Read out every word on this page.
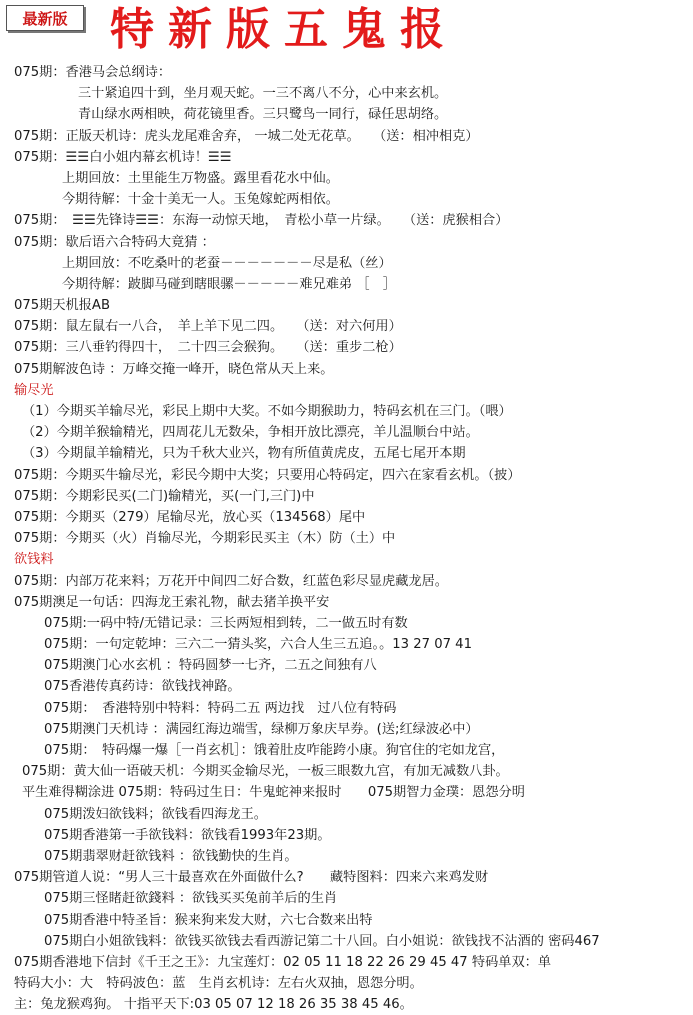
最新版 特新版五鬼报
075期：香港马会总纲诗：
三十紧追四十到，坐月观天蛇。一三不离八不分，心中来玄机。
青山绿水两相映，荷花镜里香。三只鹭鸟一同行，碌任思胡络。
075期：正版天机诗：虎头龙尾难舍弃， 一城二处无花草。　　（送：相冲相克）
075期：☰☰白小姐内幕玄机诗！☰☰
上期回放：土里能生万物盛。露里看花水中仙。
今期待解：十金十美无一人。玉兔嫁蛇两相依。
075期：　☰☰先锋诗☰☰：东海一动惊天地，　青松小草一片绿。　　（送：虎猴相合）
075期：歇后语六合特码大竟猜 ：
上期回放：不吃桑叶的老蚕－－－－－－－尽是私（丝）
今期待解：跛脚马碰到瞎眼骡－－－－－难兄难弟 ［　］
075期天机报AB
075期：鼠左鼠右一八合，　羊上羊下见二四。　　（送：对六何用）
075期：三八垂钓得四十，　二十四三会猴狗。　　（送：重步二枪）
075期解波色诗 ：万峰交掩一峰开，晓色常从天上来。
输尽光
（1）今期买羊输尽光，彩民上期中大奖。不如今期猴助力，特码玄机在三门。（喂）
（2）今期羊猴输精光，四周花儿无数朵，争相开放比漂亮，羊儿温顺台中站。
（3）今期鼠羊输精光，只为千秋大业兴，物有所值黄虎皮，五尾七尾开本期
075期：今期买牛输尽光，彩民今期中大奖；只要用心特码定，四六在家看玄机。（披）
075期：今期彩民买(二门)输精光，买(一门,三门)中
075期：今期买（279）尾输尽光，放心买（134568）尾中
075期：今期买（火）肖输尽光，今期彩民买主（木）防（土）中
欲钱料
075期：内部万花来料；万花开中间四二好合数，红蓝色彩尽显虎藏龙居。
075期澳足一句话：四海龙王索礼物，献去猪羊换平安
075期:一码中特/无错记录：三长两短相到转，二一做五时有数
075期：一句定乾坤：三六二一猜头奖，六合人生三五追。。13 27 07 41
075期澳门心水玄机 ：特码圆梦一七齐，二五之间独有八
075香港传真药诗：欲钱找神路。
075期：　香港特别中特料：特码二五 两边找　过八位有特码
075期澳门天机诗 ：满园红海边端雪，绿柳万象庆早券。(送;红绿波必中）
075期：　特码爆一爆［一肖玄机］：饿着肚皮咋能跨小康。狗官住的宅如龙宫，
075期：黄大仙一语破天机：今期买金输尽光，一板三眼数九宫，有加无减数八卦。
平生难得糊涂进 075期：特码过生日：牛鬼蛇神来报时　　075期智力金璞：恩怨分明
075期泼妇欲钱料；欲钱看四海龙王。
075期香港第一手欲钱料：欲钱看1993年23期。
075期翡翠财赶欲钱料 ：欲钱勤快的生肖。
075期管道人说：“男人三十最喜欢在外面做什么?　　藏特图料：四来六来鸡发财
075期三怪睹赶欲錢料 ：欲钱买买兔前羊后的生肖
075期香港中特圣旨：猴来狗来发大财，六七合数来出特
075期白小姐欲钱料：欲钱买欲钱去看西游记第二十八回。白小姐说：欲钱找不沾酒的 密码467
075期香港地下信封《千王之王》：九宝莲灯：02 05 11 18 22 26 29 45 47 特码单双：单
特码大小：大　特码波色：蓝　生肖玄机诗：左右火双抽，恩怨分明。
主：兔龙猴鸡狗。 十指平天下:03 05 07 12 18 26 35 38 45 46。
